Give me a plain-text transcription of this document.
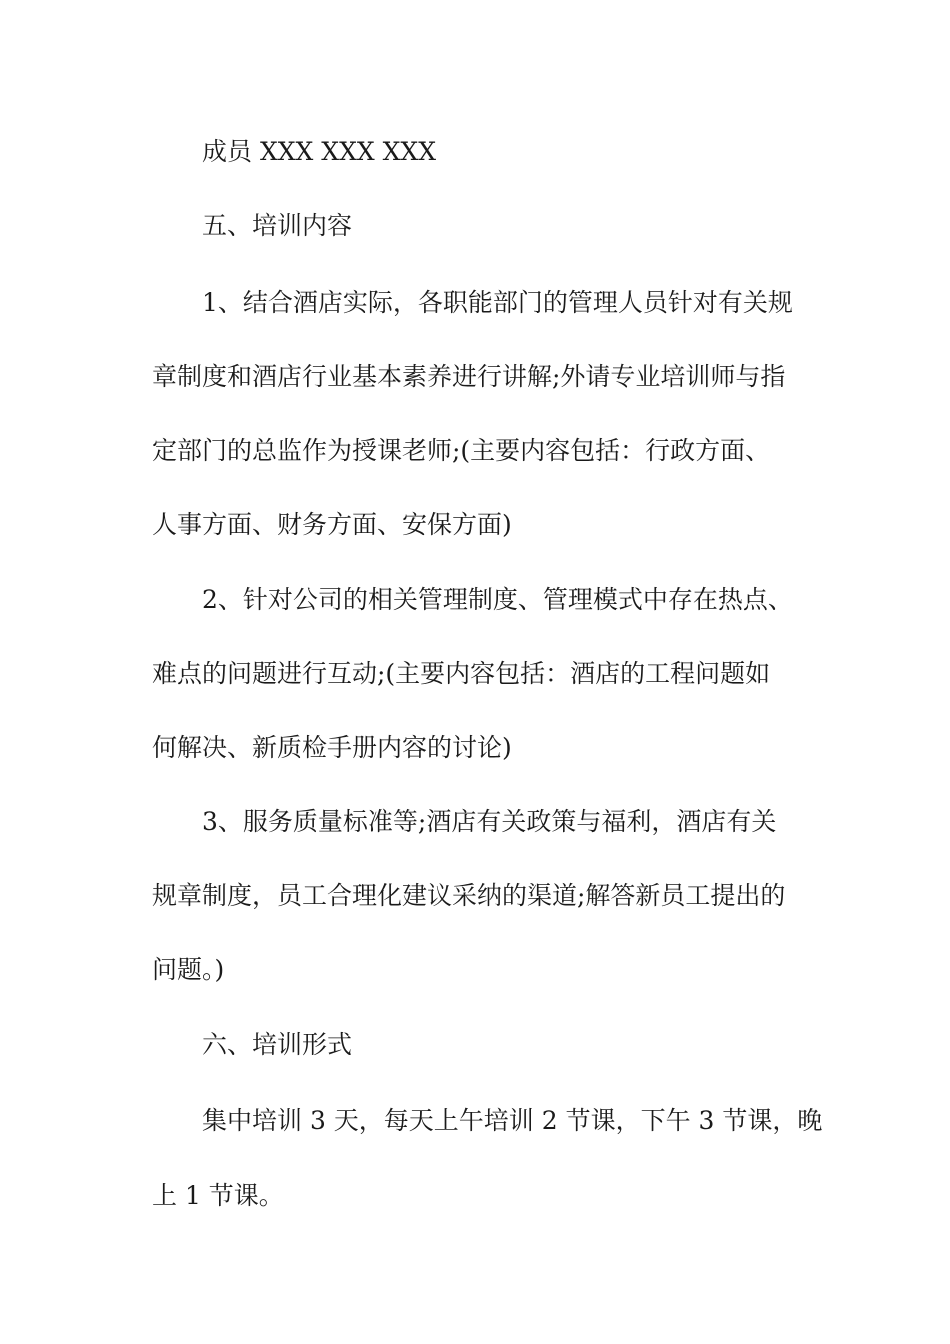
成员 XXX XXX XXX
五、培训内容
1、结合酒店实际，各职能部门的管理人员针对有关规
章制度和酒店行业基本素养进行讲解;外请专业培训师与指
定部门的总监作为授课老师;(主要内容包括：行政方面、
人事方面、财务方面、安保方面)
2、针对公司的相关管理制度、管理模式中存在热点、
难点的问题进行互动;(主要内容包括：酒店的工程问题如
何解决、新质检手册内容的讨论)
3、服务质量标准等;酒店有关政策与福利，酒店有关
规章制度，员工合理化建议采纳的渠道;解答新员工提出的
问题。)
六、培训形式
集中培训 3 天，每天上午培训 2 节课，下午 3 节课，晚
上 1 节课。
